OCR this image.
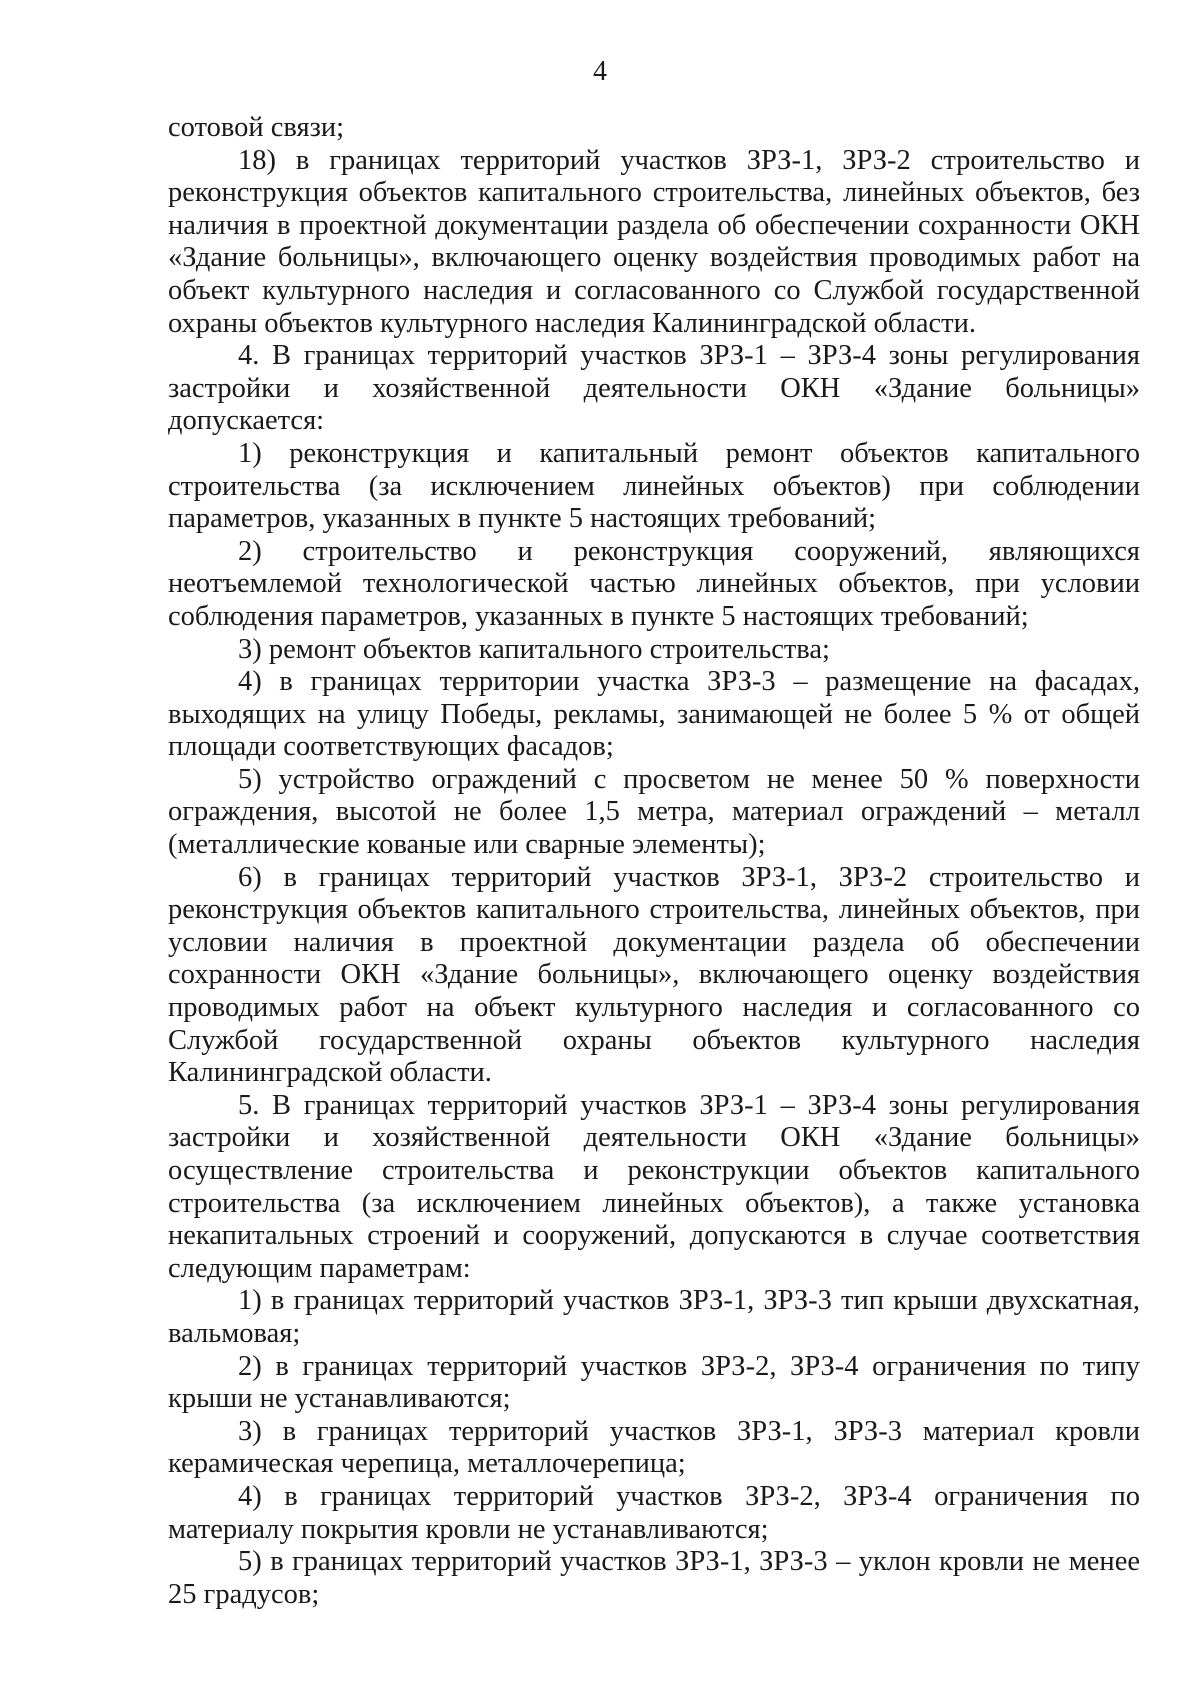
4

сотовой связи;

18) в границах территорий участков ЗРЗ-1, ЗРЗ-2 строительство и реконструкция объектов капитального строительства, линейных объектов, без наличия в проектной документации раздела об обеспечении сохранности ОКН «Здание больницы», включающего оценку воздействия проводимых работ на объект культурного наследия и согласованного со Службой государственной охраны объектов культурного наследия Калининградской области.

4. В границах территорий участков ЗРЗ-1 – ЗРЗ-4 зоны регулирования застройки и хозяйственной деятельности ОКН «Здание больницы» допускается:

1) реконструкция и капитальный ремонт объектов капитального строительства (за исключением линейных объектов) при соблюдении параметров, указанных в пункте 5 настоящих требований;

2) строительство и реконструкция сооружений, являющихся неотъемлемой технологической частью линейных объектов, при условии соблюдения параметров, указанных в пункте 5 настоящих требований;

3) ремонт объектов капитального строительства;

4) в границах территории участка ЗРЗ-3 – размещение на фасадах, выходящих на улицу Победы, рекламы, занимающей не более 5 % от общей площади соответствующих фасадов;

5) устройство ограждений с просветом не менее 50 % поверхности ограждения, высотой не более 1,5 метра, материал ограждений – металл (металлические кованые или сварные элементы);

6) в границах территорий участков ЗРЗ-1, ЗРЗ-2 строительство и реконструкция объектов капитального строительства, линейных объектов, при условии наличия в проектной документации раздела об обеспечении сохранности ОКН «Здание больницы», включающего оценку воздействия проводимых работ на объект культурного наследия и согласованного со Службой государственной охраны объектов культурного наследия Калининградской области.

5. В границах территорий участков ЗРЗ-1 – ЗРЗ-4 зоны регулирования застройки и хозяйственной деятельности ОКН «Здание больницы» осуществление строительства и реконструкции объектов капитального строительства (за исключением линейных объектов), а также установка некапитальных строений и сооружений, допускаются в случае соответствия следующим параметрам:

1) в границах территорий участков ЗРЗ-1, ЗРЗ-3 тип крыши двухскатная, вальмовая;

2) в границах территорий участков ЗРЗ-2, ЗРЗ-4 ограничения по типу крыши не устанавливаются;

3) в границах территорий участков ЗРЗ-1, ЗРЗ-3 материал кровли керамическая черепица, металлочерепица;

4) в границах территорий участков ЗРЗ-2, ЗРЗ-4 ограничения по материалу покрытия кровли не устанавливаются;

5) в границах территорий участков ЗРЗ-1, ЗРЗ-3 – уклон кровли не менее 25 градусов;
